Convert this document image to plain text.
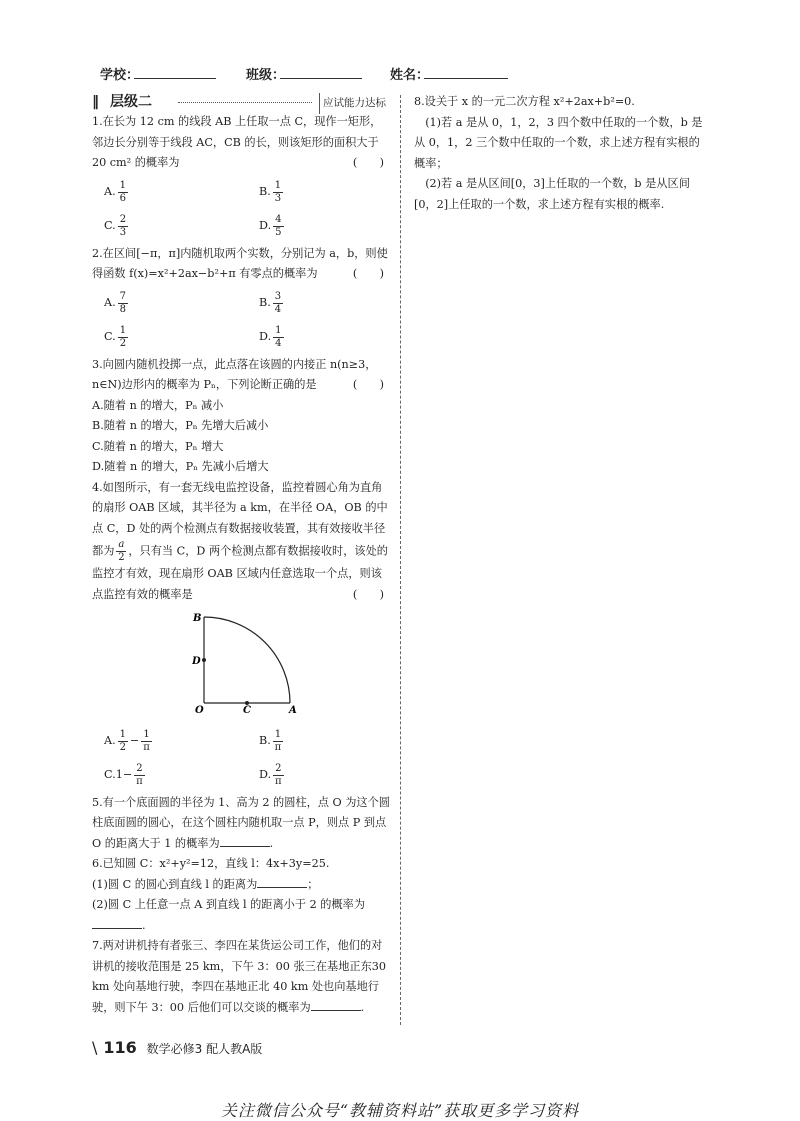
学校：	班级：	姓名：
‖ 层级二	应试能力达标

1.在长为 12 cm 的线段 AB 上任取一点 C，现作一矩形，邻边长分别等于线段 AC，CB 的长，则该矩形的面积大于20 cm² 的概率为	(　　)

A. $\frac{1}{6}$	B. $\frac{1}{3}$
C. $\frac{2}{3}$	D. $\frac{4}{5}$

2.在区间[−π，π]内随机取两个实数，分别记为 a，b，则使得函数 f(x)=x²+2ax−b²+π 有零点的概率为	(　　)

A. $\frac{7}{8}$	B. $\frac{3}{4}$
C. $\frac{1}{2}$	D. $\frac{1}{4}$

3.向圆内随机投掷一点，此点落在该圆的内接正 n(n≥3，n∈N)边形内的概率为 Pₙ，下列论断正确的是	(　　)

A.随着 n 的增大，Pₙ 减小

B.随着 n 的增大，Pₙ 先增大后减小

C.随着 n 的增大，Pₙ 增大

D.随着 n 的增大，Pₙ 先减小后增大

4.如图所示，有一套无线电监控设备，监控着圆心角为直角的扇形 OAB 区域，其半径为 a km，在半径 OA，OB 的中点 C，D 处的两个检测点有数据接收装置，其有效接收半径都为 $\frac{a}{2}$ ，只有当 C，D 两个检测点都有数据接收时，该处的监控才有效，现在扇形 OAB 区域内任意选取一个点，则该点监控有效的概率是	(　　)

B
D
O	C	A
A. $\frac{1}{2} - \frac{1}{\pi}$	B. $\frac{1}{\pi}$
C. $1- \frac{2}{\pi}$	D. $\frac{2}{\pi}$

5.有一个底面圆的半径为 1、高为 2 的圆柱，点 O 为这个圆柱底面圆的圆心，在这个圆柱内随机取一点 P，则点 P 到点 O 的距离大于 1 的概率为	.

6.已知圆 C：x²+y²=12，直线 l：4x+3y=25.

(1)圆 C 的圆心到直线 l 的距离为	；

(2)圆 C 上任意一点 A 到直线 l 的距离小于 2 的概率为.

7.两对讲机持有者张三、李四在某货运公司工作，他们的对讲机的接收范围是 25 km，下午 3：00 张三在基地正东30 km 处向基地行驶，李四在基地正北 40 km 处也向基地行驶，则下午 3：00 后他们可以交谈的概率为	.

8.设关于 x 的一元二次方程 x²+2ax+b²=0.

(1)若 a 是从 0，1，2，3 四个数中任取的一个数，b 是从 0，1，2 三个数中任取的一个数，求上述方程有实根的概率；

(2)若 a 是从区间[0，3]上任取的一个数，b 是从区间[0，2]上任取的一个数，求上述方程有实根的概率.

\ 116 数学必修3 配人教A版
关注微信公众号“教辅资料站”获取更多学习资料
